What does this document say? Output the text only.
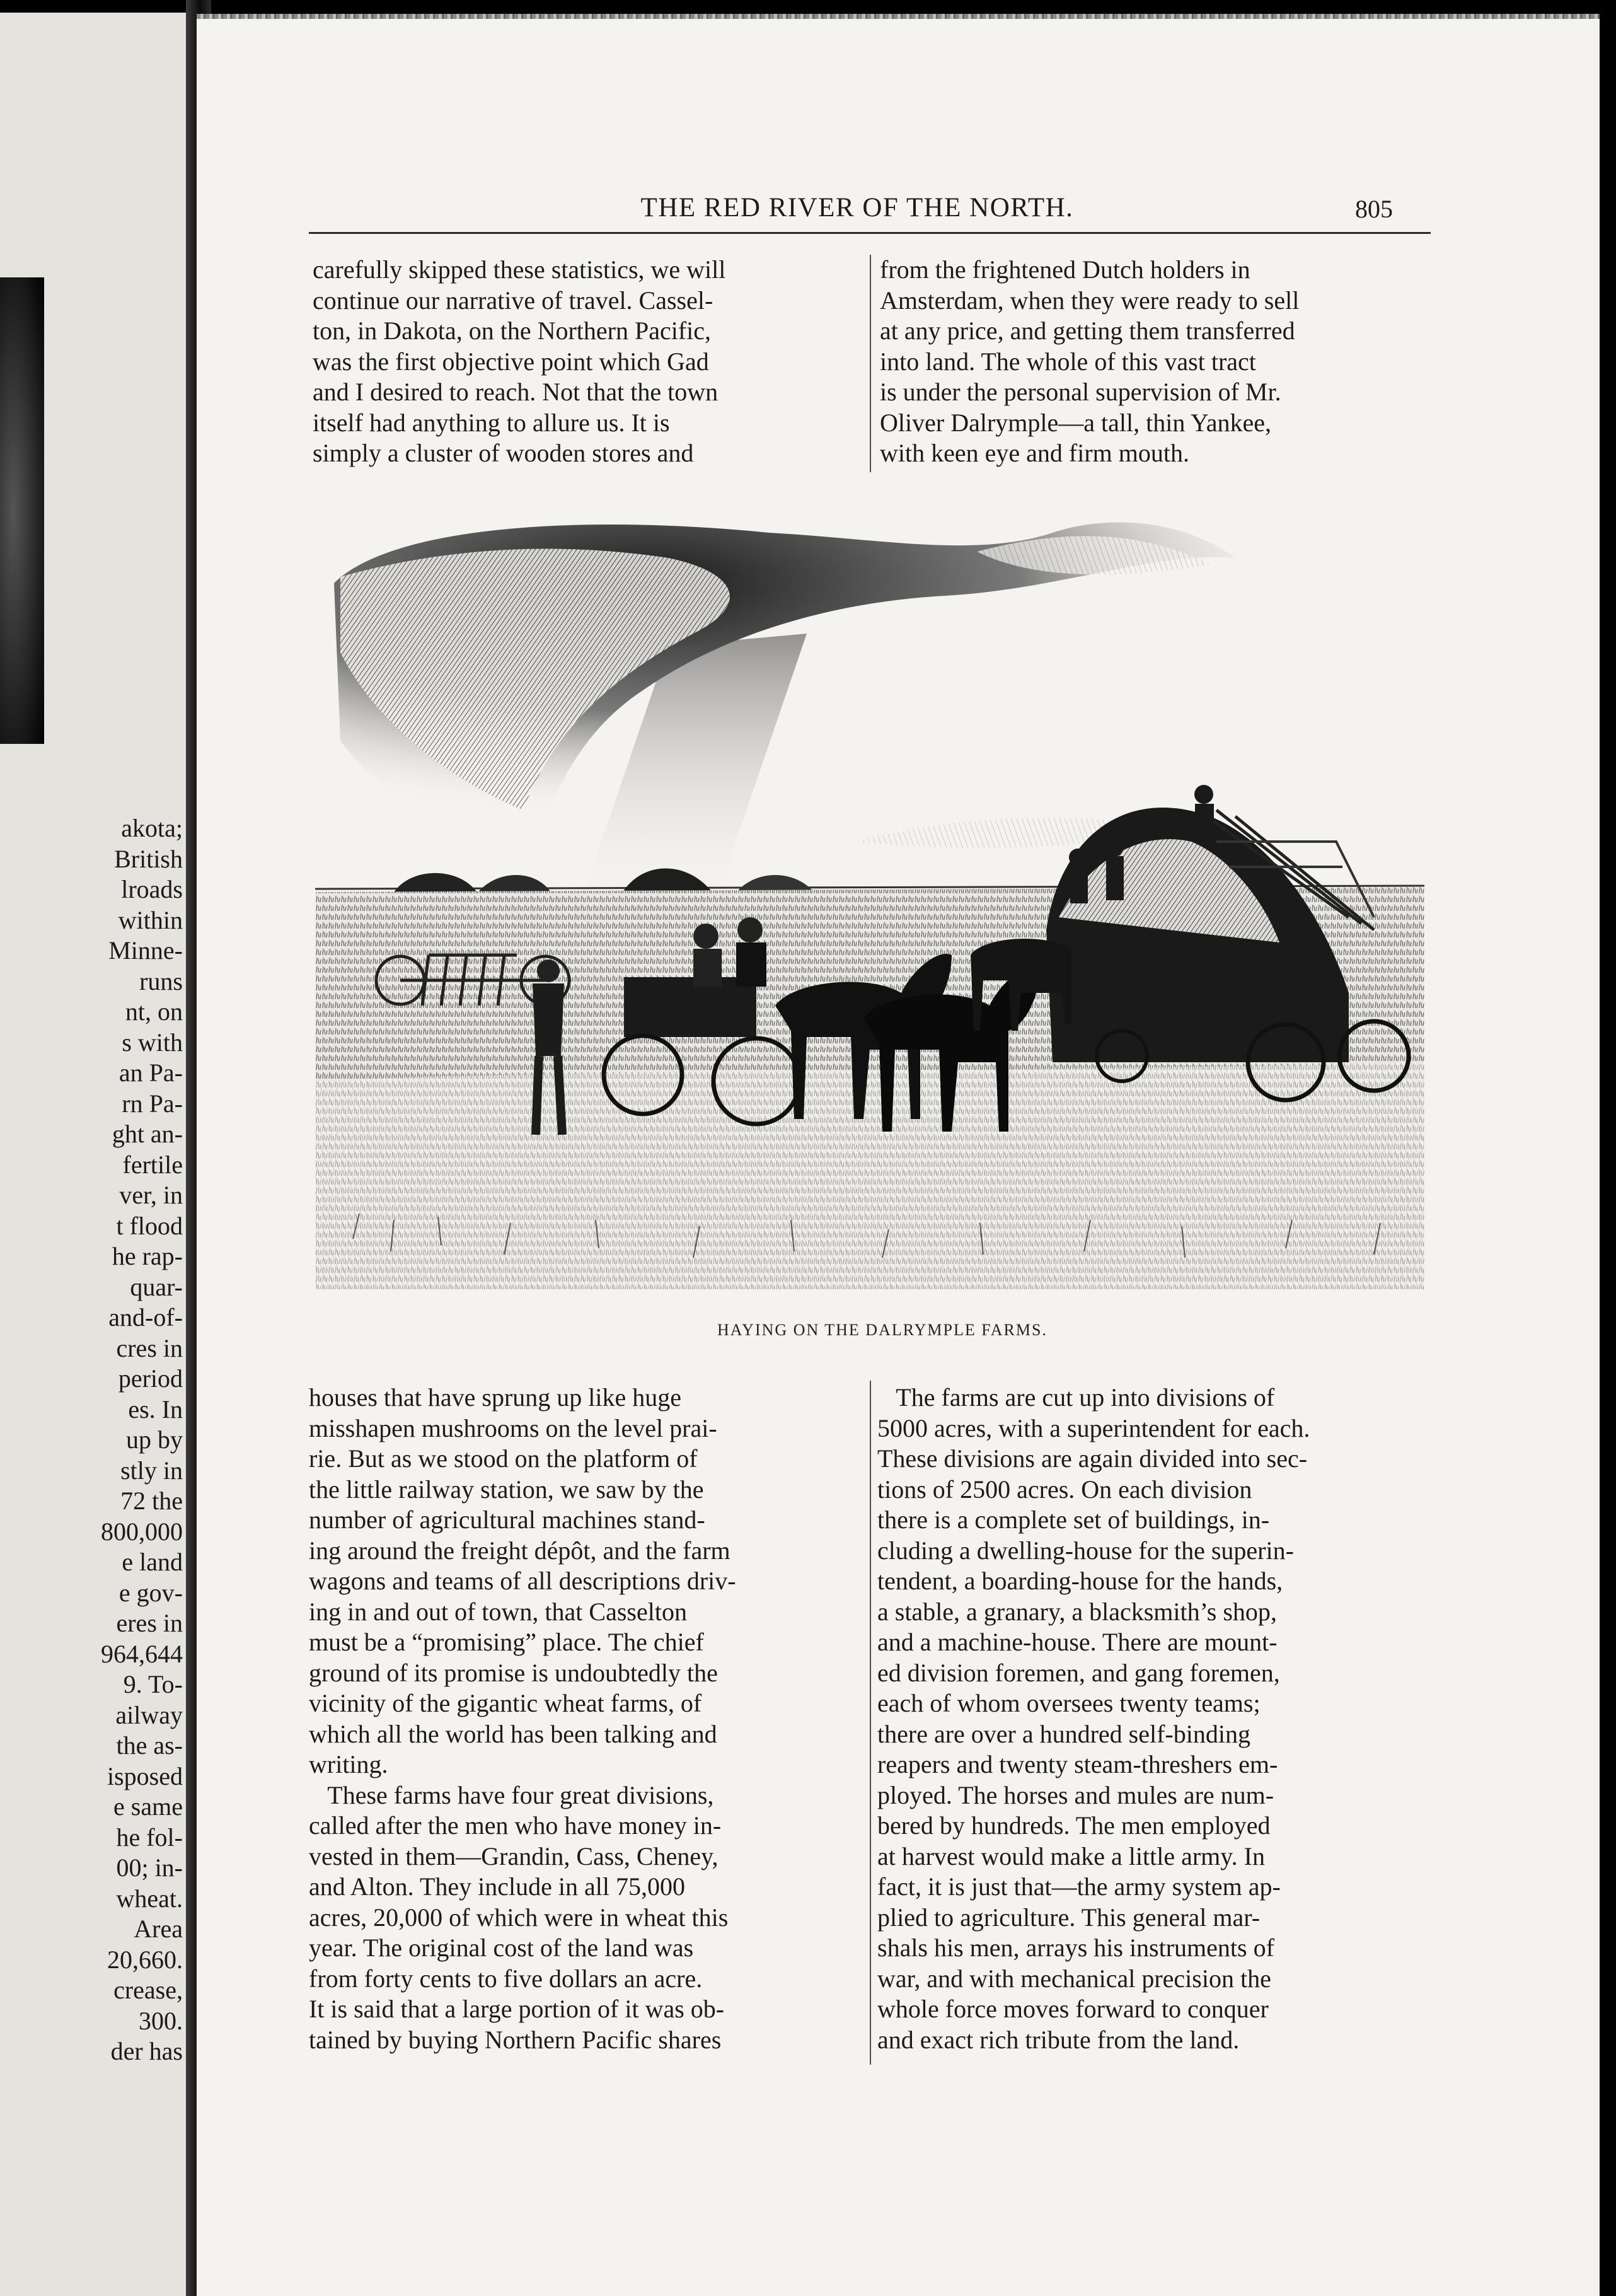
akota;
British
lroads
within
Minne-
runs
nt, on
s with
an Pa-
rn Pa-
ght an-
fertile
ver, in
t flood
he rap-
quar-
and-of-
cres in
period
es. In
up by
stly in
72 the
800,000
e land
e gov-
eres in
964,644
9. To-
ailway
the as-
isposed
e same
he fol-
00; in-
wheat.
Area
20,660.
crease,
300.
der has
THE RED RIVER OF THE NORTH.	805
carefully skipped these statistics, we will
continue our narrative of travel. Cassel-
ton, in Dakota, on the Northern Pacific,
was the first objective point which Gad
and I desired to reach. Not that the town
itself had anything to allure us. It is
simply a cluster of wooden stores and
from the frightened Dutch holders in
Amsterdam, when they were ready to sell
at any price, and getting them transferred
into land. The whole of this vast tract
is under the personal supervision of Mr.
Oliver Dalrymple—a tall, thin Yankee,
with keen eye and firm mouth.
HAYING ON THE DALRYMPLE FARMS.
houses that have sprung up like huge
misshapen mushrooms on the level prai-
rie. But as we stood on the platform of
the little railway station, we saw by the
number of agricultural machines stand-
ing around the freight dépôt, and the farm
wagons and teams of all descriptions driv-
ing in and out of town, that Casselton
must be a “promising” place. The chief
ground of its promise is undoubtedly the
vicinity of the gigantic wheat farms, of
which all the world has been talking and
writing.
These farms have four great divisions,
called after the men who have money in-
vested in them—Grandin, Cass, Cheney,
and Alton. They include in all 75,000
acres, 20,000 of which were in wheat this
year. The original cost of the land was
from forty cents to five dollars an acre.
It is said that a large portion of it was ob-
tained by buying Northern Pacific shares
The farms are cut up into divisions of
5000 acres, with a superintendent for each.
These divisions are again divided into sec-
tions of 2500 acres. On each division
there is a complete set of buildings, in-
cluding a dwelling-house for the superin-
tendent, a boarding-house for the hands,
a stable, a granary, a blacksmith’s shop,
and a machine-house. There are mount-
ed division foremen, and gang foremen,
each of whom oversees twenty teams;
there are over a hundred self-binding
reapers and twenty steam-threshers em-
ployed. The horses and mules are num-
bered by hundreds. The men employed
at harvest would make a little army. In
fact, it is just that—the army system ap-
plied to agriculture. This general mar-
shals his men, arrays his instruments of
war, and with mechanical precision the
whole force moves forward to conquer
and exact rich tribute from the land.
